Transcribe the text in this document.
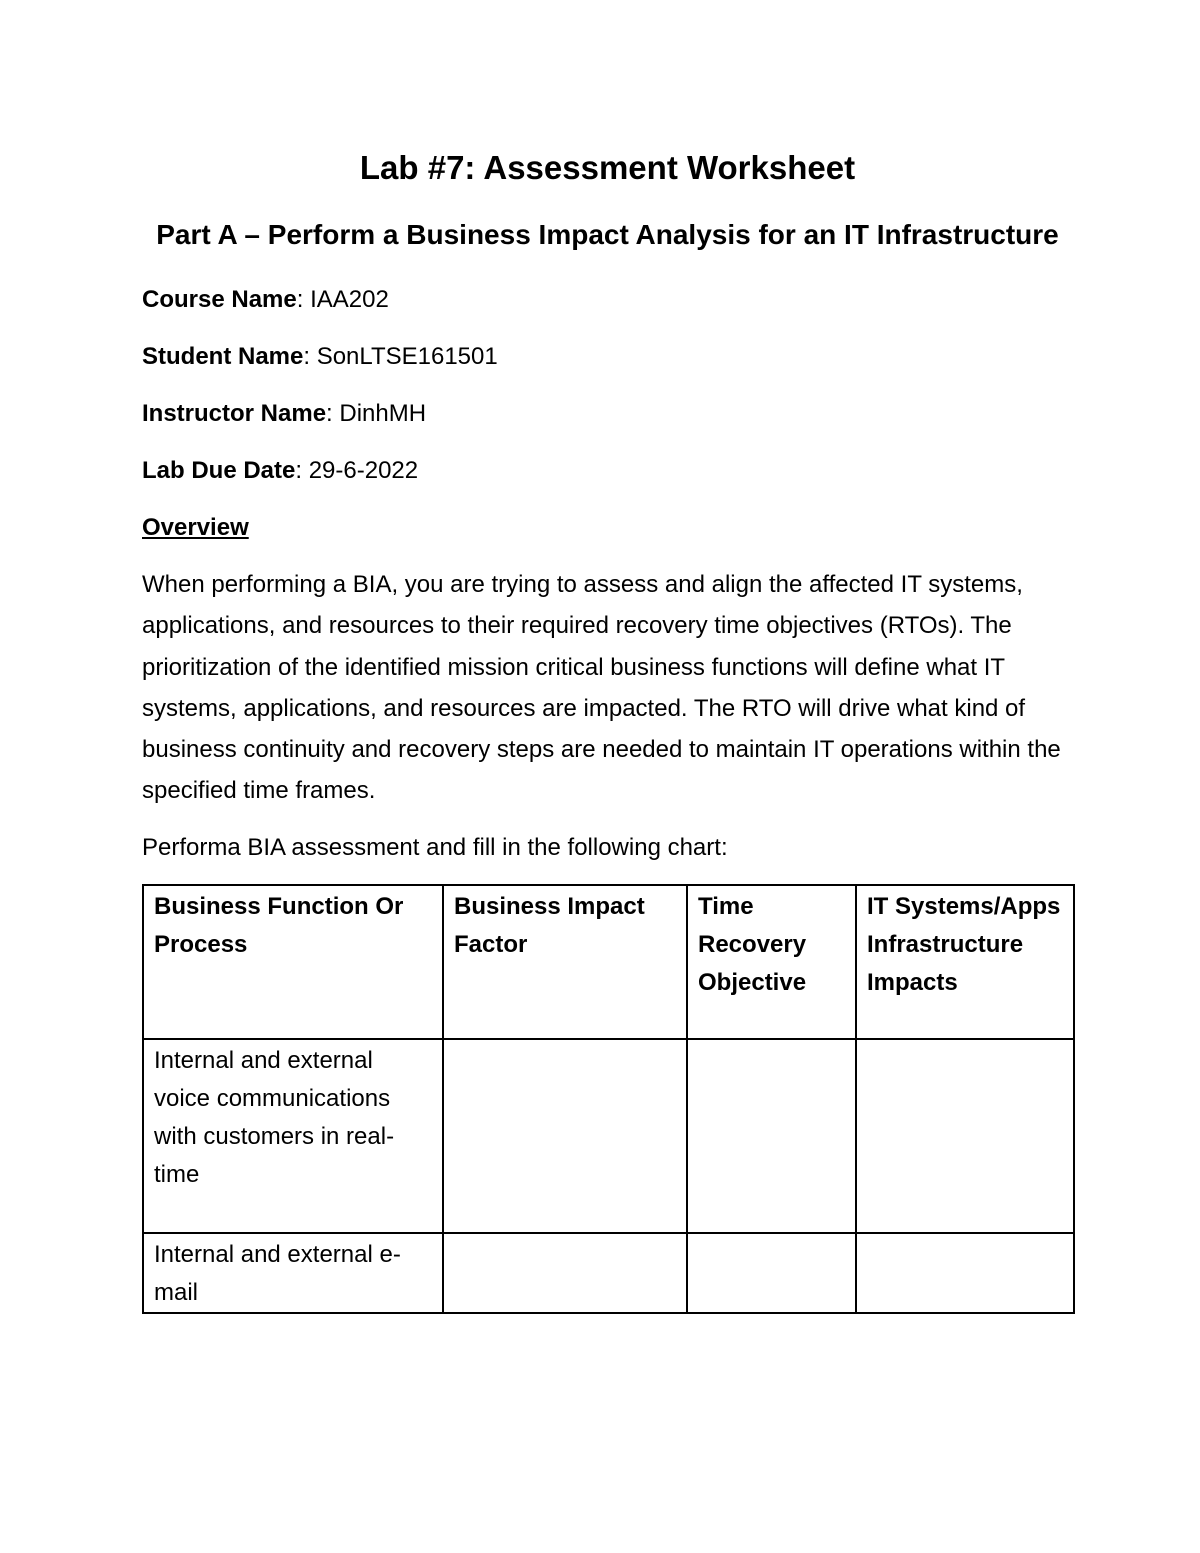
Lab #7: Assessment Worksheet
Part A – Perform a Business Impact Analysis for an IT Infrastructure

Course Name: IAA202

Student Name: SonLTSE161501

Instructor Name: DinhMH

Lab Due Date: 29-6-2022

Overview

When performing a BIA, you are trying to assess and align the affected IT systems, applications, and resources to their required recovery time objectives (RTOs). The prioritization of the identified mission critical business functions will define what IT systems, applications, and resources are impacted. The RTO will drive what kind of business continuity and recovery steps are needed to maintain IT operations within the specified time frames.

Performa BIA assessment and fill in the following chart:

Business Function Or Process	Business Impact Factor	Time Recovery Objective	IT Systems/Apps Infrastructure Impacts
Internal and external voice communications with customers in real-time			
Internal and external e-mail			
